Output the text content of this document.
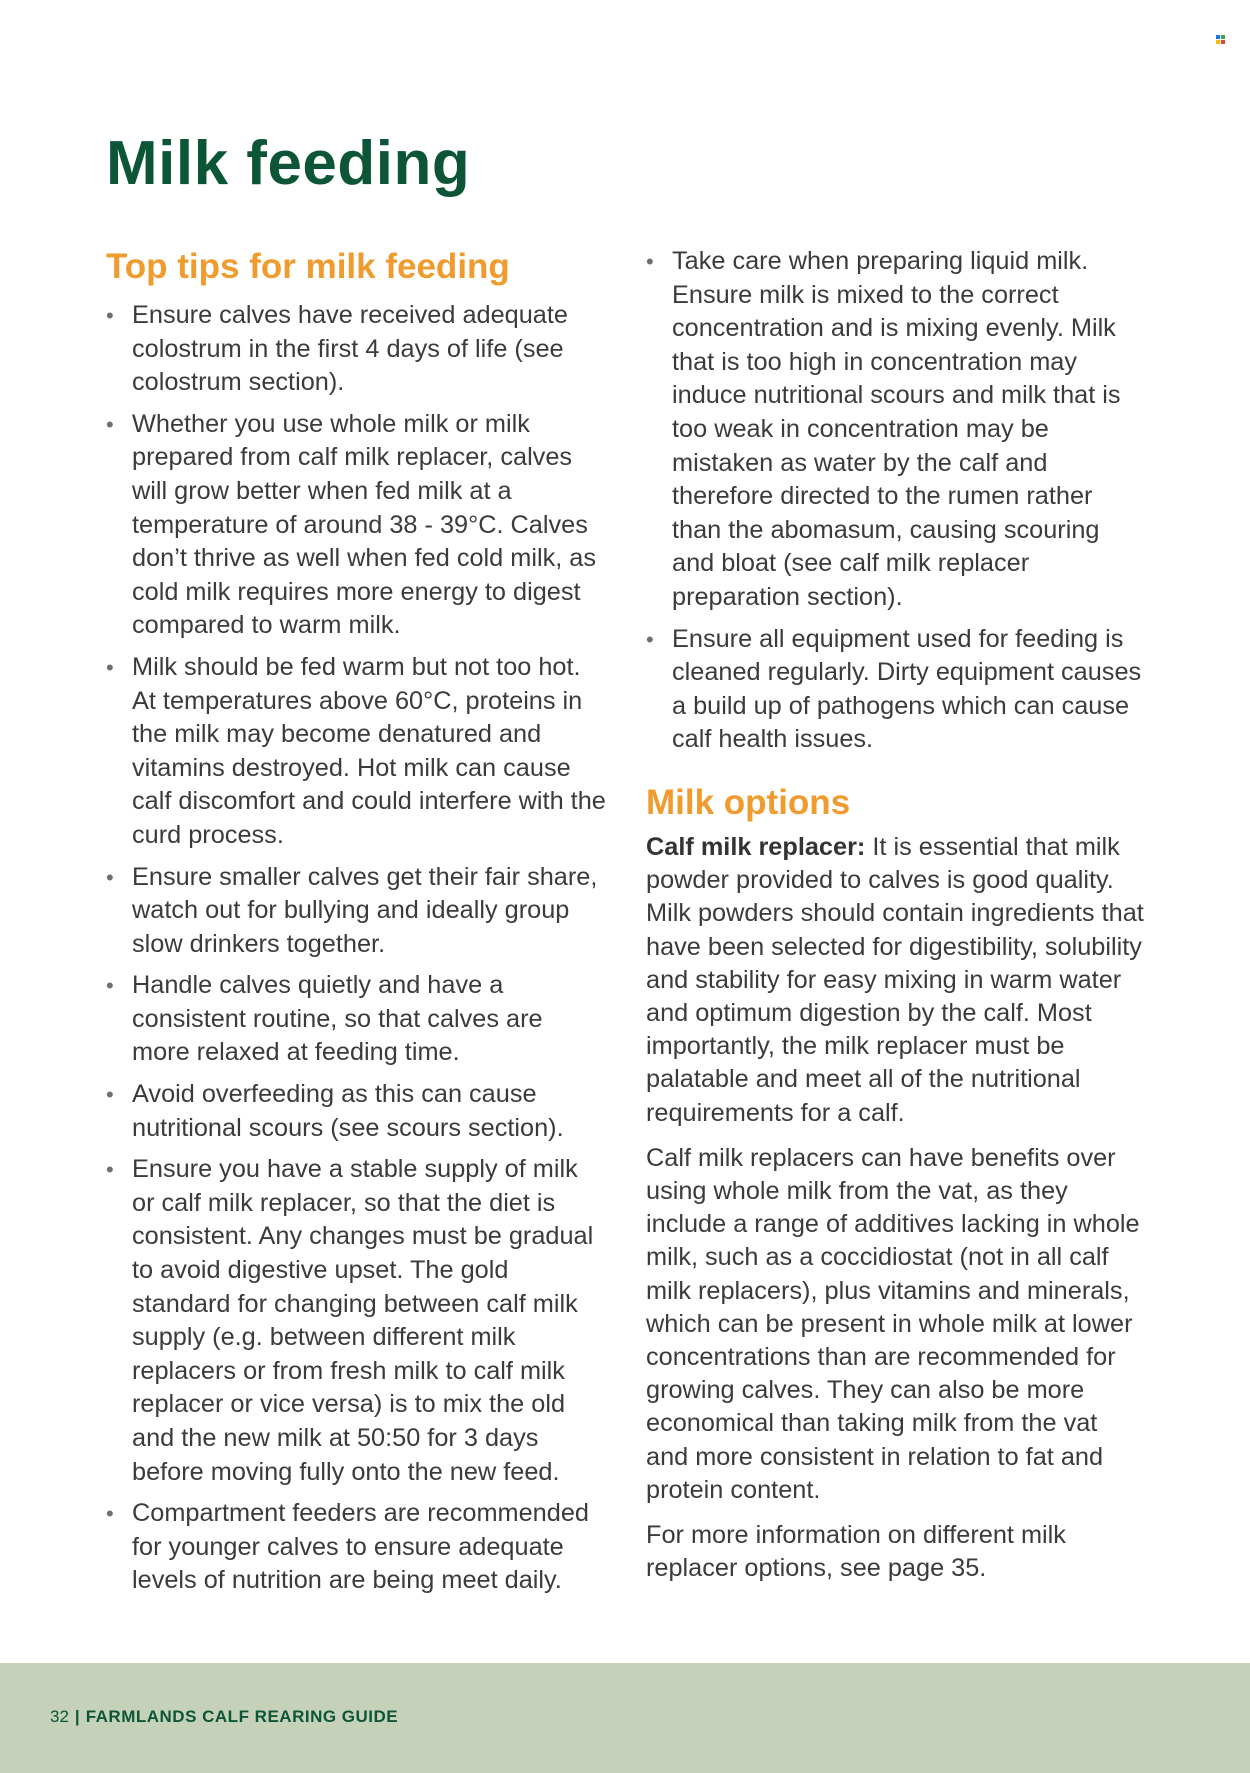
Milk feeding
Top tips for milk feeding
• Ensure calves have received adequate colostrum in the first 4 days of life (see colostrum section).
• Whether you use whole milk or milk prepared from calf milk replacer, calves will grow better when fed milk at a temperature of around 38 - 39°C. Calves don’t thrive as well when fed cold milk, as cold milk requires more energy to digest compared to warm milk.
• Milk should be fed warm but not too hot. At temperatures above 60°C, proteins in the milk may become denatured and vitamins destroyed. Hot milk can cause calf discomfort and could interfere with the curd process.
• Ensure smaller calves get their fair share, watch out for bullying and ideally group slow drinkers together.
• Handle calves quietly and have a consistent routine, so that calves are more relaxed at feeding time.
• Avoid overfeeding as this can cause nutritional scours (see scours section).
• Ensure you have a stable supply of milk or calf milk replacer, so that the diet is consistent. Any changes must be gradual to avoid digestive upset. The gold standard for changing between calf milk supply (e.g. between different milk replacers or from fresh milk to calf milk replacer or vice versa) is to mix the old and the new milk at 50:50 for 3 days before moving fully onto the new feed.
• Compartment feeders are recommended for younger calves to ensure adequate levels of nutrition are being meet daily.
• Take care when preparing liquid milk. Ensure milk is mixed to the correct concentration and is mixing evenly. Milk that is too high in concentration may induce nutritional scours and milk that is too weak in concentration may be mistaken as water by the calf and therefore directed to the rumen rather than the abomasum, causing scouring and bloat (see calf milk replacer preparation section).
• Ensure all equipment used for feeding is cleaned regularly. Dirty equipment causes a build up of pathogens which can cause calf health issues.
Milk options

Calf milk replacer: It is essential that milk powder provided to calves is good quality. Milk powders should contain ingredients that have been selected for digestibility, solubility and stability for easy mixing in warm water and optimum digestion by the calf. Most importantly, the milk replacer must be palatable and meet all of the nutritional requirements for a calf.

Calf milk replacers can have benefits over using whole milk from the vat, as they include a range of additives lacking in whole milk, such as a coccidiostat (not in all calf milk replacers), plus vitamins and minerals, which can be present in whole milk at lower concentrations than are recommended for growing calves. They can also be more economical than taking milk from the vat and more consistent in relation to fat and protein content.

For more information on different milk replacer options, see page 35.

32 | FARMLANDS CALF REARING GUIDE
